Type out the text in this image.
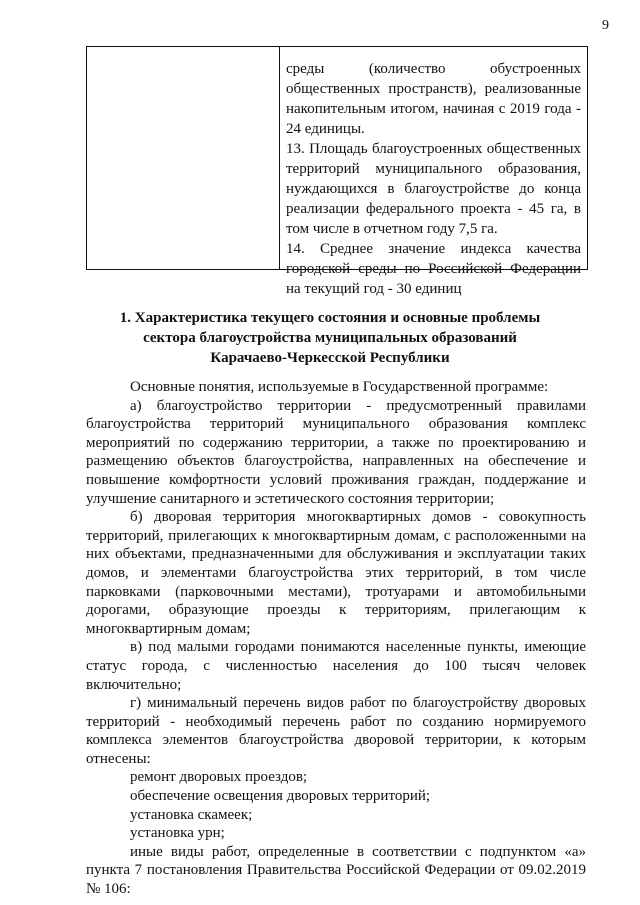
9
среды (количество обустроенных общественных пространств), реализованные накопительным итогом, начиная с 2019 года - 24 единицы.
13. Площадь благоустроенных общественных территорий муниципального образования, нуждающихся в благоустройстве до конца реализации федерального проекта - 45 га, в том числе в отчетном году 7,5 га.
14. Среднее значение индекса качества городской среды по Российской Федерации на текущий год - 30 единиц
1. Характеристика текущего состояния и основные проблемы
сектора благоустройства муниципальных образований
Карачаево-Черкесской Республики

Основные понятия, используемые в Государственной программе:

а) благоустройство территории - предусмотренный правилами благоустройства территорий муниципального образования комплекс мероприятий по содержанию территории, а также по проектированию и размещению объектов благоустройства, направленных на обеспечение и повышение комфортности условий проживания граждан, поддержание и улучшение санитарного и эстетического состояния территории;

б) дворовая территория многоквартирных домов - совокупность территорий, прилегающих к многоквартирным домам, с расположенными на них объектами, предназначенными для обслуживания и эксплуатации таких домов, и элементами благоустройства этих территорий, в том числе парковками (парковочными местами), тротуарами и автомобильными дорогами, образующие проезды к территориям, прилегающим к многоквартирным домам;

в) под малыми городами понимаются населенные пункты, имеющие статус города, с численностью населения до 100 тысяч человек включительно;

г) минимальный перечень видов работ по благоустройству дворовых территорий - необходимый перечень работ по созданию нормируемого комплекса элементов благоустройства дворовой территории, к которым отнесены:

ремонт дворовых проездов;

обеспечение освещения дворовых территорий;

установка скамеек;

установка урн;

иные виды работ, определенные в соответствии с подпунктом «а» пункта 7 постановления Правительства Российской Федерации от 09.02.2019 № 106:
